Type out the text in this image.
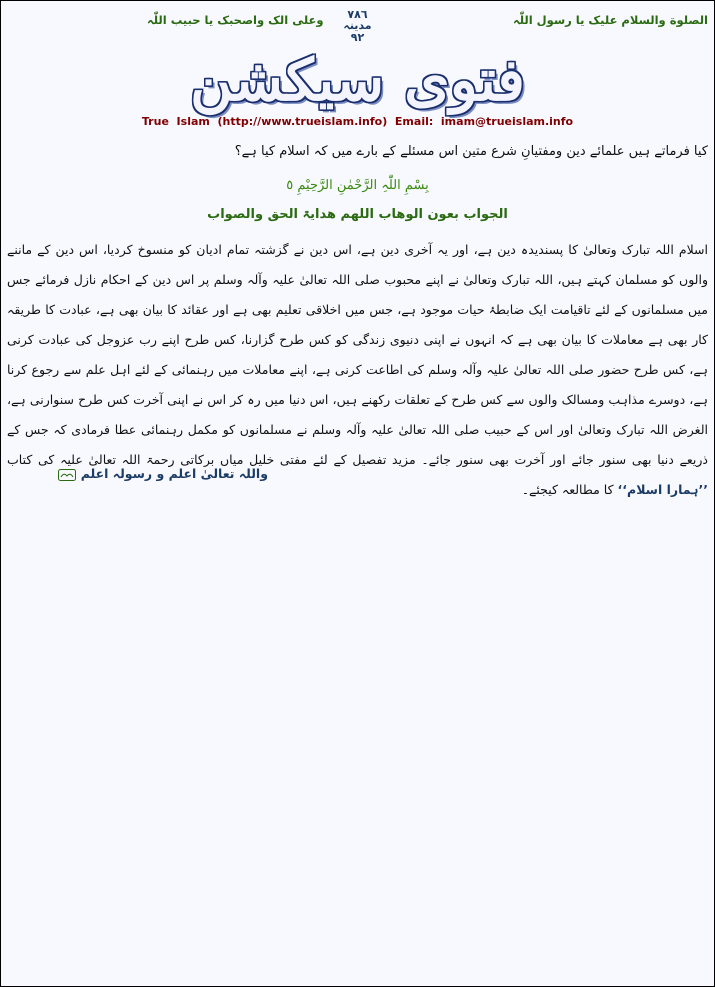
الصلوة والسلام علیک یا رسول اللّٰہ
وعلی الک واصحبک یا حبیب اللّٰہ	۷۸٦
مدینہ
۹۲
فتوی سیکشن
True  Islam  (http://www.trueislam.info)  Email:  imam@trueislam.info
کیا فرماتے ہیں علمائے دین ومفتیانِ شرع متین اس مسئلے کے بارے میں کہ اسلام کیا ہے؟
بِسْمِ اللّٰہِ الرَّحْمٰنِ الرَّحِیْمِ ٥
الجواب بعون الوھاب اللھم ھدایۃ الحق والصواب
اسلام اللہ تبارک وتعالیٰ کا پسندیدہ دین ہے، اور یہ آخری دین ہے، اس دین نے گزشتہ تمام ادیان کو منسوخ کردیا، اس دین کے ماننے والوں کو مسلمان کہتے ہیں، اللہ تبارک وتعالیٰ نے اپنے محبوب صلی اللہ تعالیٰ علیہ وآلہ وسلم پر اس دین کے احکام نازل فرمائے جس میں مسلمانوں کے لئے تاقیامت ایک ضابطۂ حیات موجود ہے، جس میں اخلاقی تعلیم بھی ہے اور عقائد کا بیان بھی ہے، عبادت کا طریقہ کار بھی ہے معاملات کا بیان بھی ہے کہ انہوں نے اپنی دنیوی زندگی کو کس طرح گزارنا، کس طرح اپنے رب عزوجل کی عبادت کرنی ہے، کس طرح حضور صلی اللہ تعالیٰ علیہ وآلہ وسلم کی اطاعت کرنی ہے، اپنے معاملات میں رہنمائی کے لئے اہل علم سے رجوع کرنا ہے، دوسرے مذاہب ومسالک والوں سے کس طرح کے تعلقات رکھنے ہیں، اس دنیا میں رہ کر اس نے اپنی آخرت کس طرح سنوارنی ہے، الغرض اللہ تبارک وتعالیٰ اور اس کے حبیب صلی اللہ تعالیٰ علیہ وآلہ وسلم نے مسلمانوں کو مکمل رہنمائی عطا فرمادی کہ جس کے ذریعے دنیا بھی سنور جائے اور آخرت بھی سنور جائے۔ مزید تفصیل کے لئے مفتی خلیل میاں برکاتی رحمۃ اللہ تعالیٰ علیہ کی کتاب ’’ہمارا اسلام‘‘ کا مطالعہ کیجئے۔
واللہ تعالیٰ اعلم و رسولہ اعلم
